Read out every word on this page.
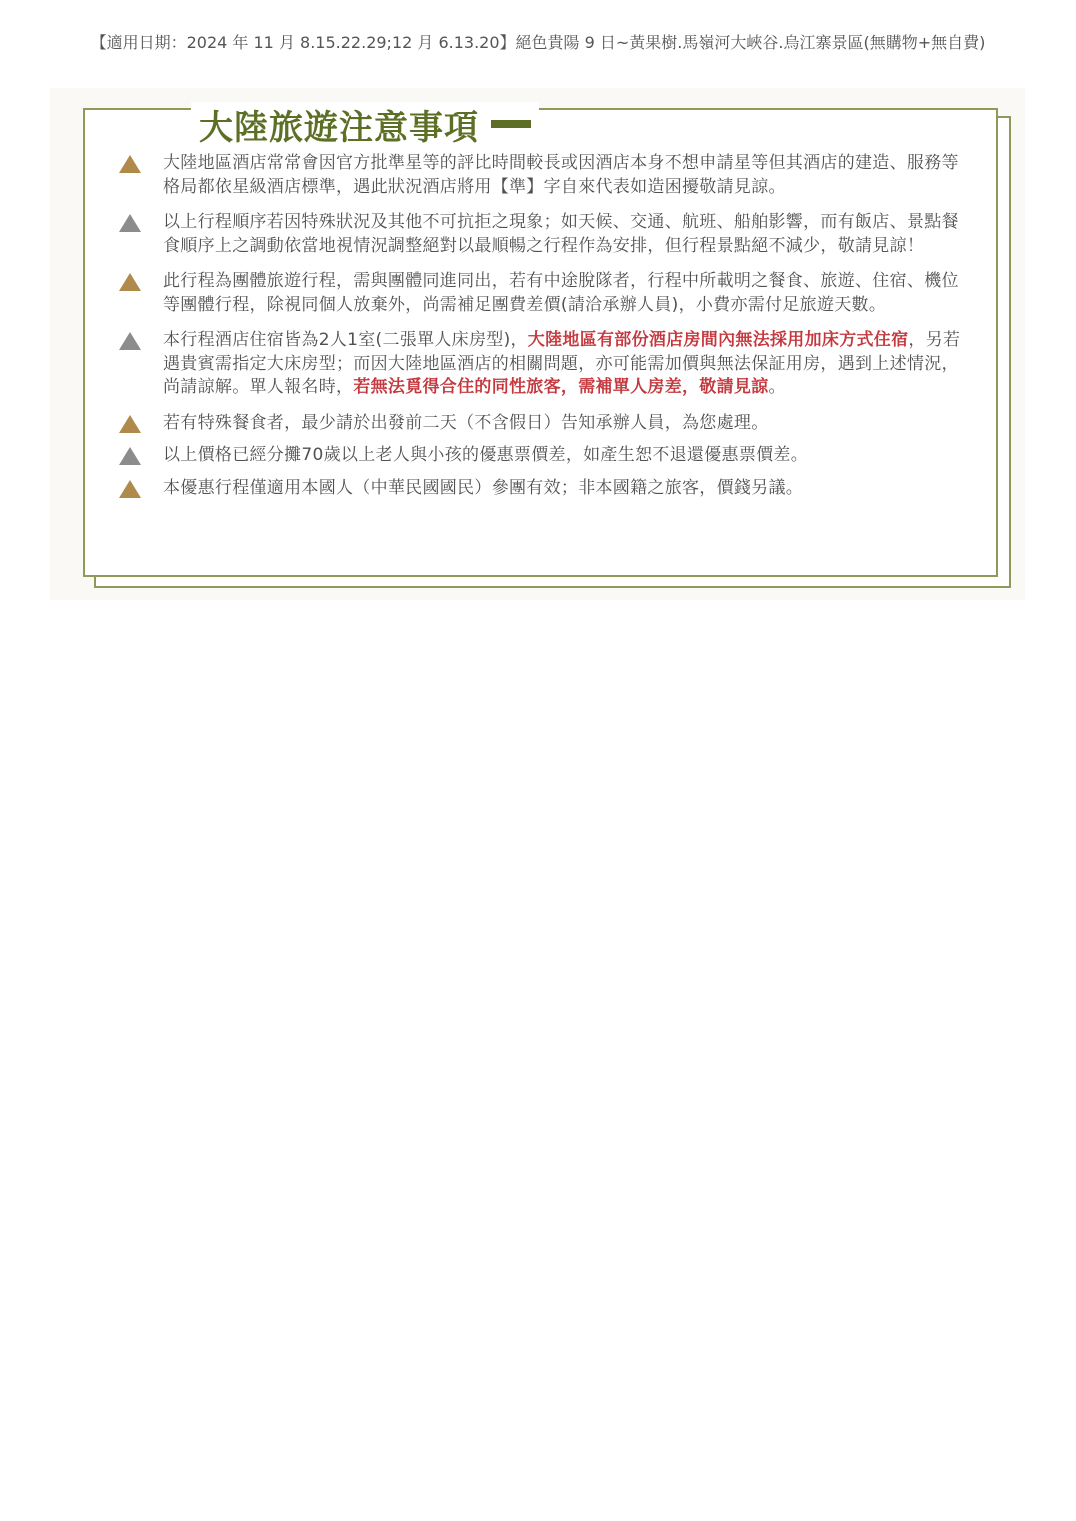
【適用日期：2024 年 11 月 8.15.22.29;12 月 6.13.20】絕色貴陽 9 日~黃果樹.馬嶺河大峽谷.烏江寨景區(無購物+無自費)
大陸旅遊注意事項
大陸地區酒店常常會因官方批準星等的評比時間較長或因酒店本身不想申請星等但其酒店的建造、服務等格局都依星級酒店標準，遇此狀況酒店將用【準】字自來代表如造困擾敬請見諒。
以上行程順序若因特殊狀況及其他不可抗拒之現象；如天候、交通、航班、船舶影響，而有飯店、景點餐食順序上之調動依當地視情況調整絕對以最順暢之行程作為安排，但行程景點絕不減少，敬請見諒！
此行程為團體旅遊行程，需與團體同進同出，若有中途脫隊者，行程中所載明之餐食、旅遊、住宿、機位等團體行程，除視同個人放棄外，尚需補足團費差價(請洽承辦人員)，小費亦需付足旅遊天數。
本行程酒店住宿皆為2人1室(二張單人床房型)，大陸地區有部份酒店房間內無法採用加床方式住宿，另若遇貴賓需指定大床房型；而因大陸地區酒店的相關問題，亦可能需加價與無法保証用房，遇到上述情況，尚請諒解。單人報名時，若無法覓得合住的同性旅客，需補單人房差，敬請見諒。
若有特殊餐食者，最少請於出發前二天（不含假日）告知承辦人員，為您處理。
以上價格已經分攤70歲以上老人與小孩的優惠票價差，如產生恕不退還優惠票價差。
本優惠行程僅適用本國人（中華民國國民）參團有效；非本國籍之旅客，價錢另議。
